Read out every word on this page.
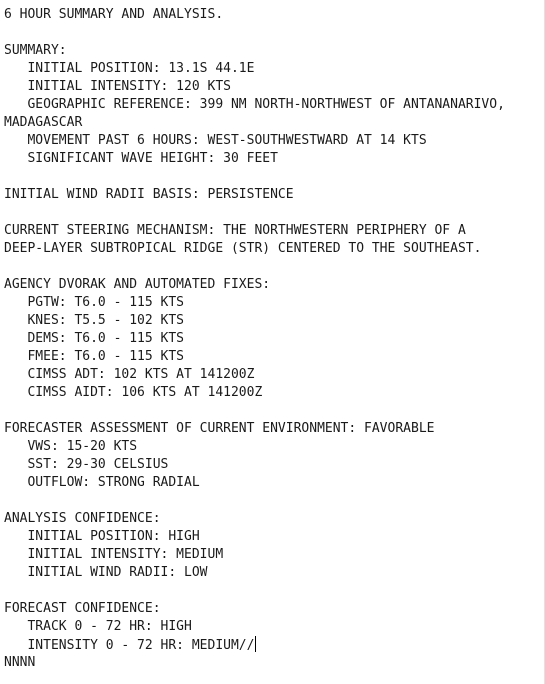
6 HOUR SUMMARY AND ANALYSIS.
SUMMARY:
INITIAL POSITION: 13.1S 44.1E
INITIAL INTENSITY: 120 KTS
GEOGRAPHIC REFERENCE: 399 NM NORTH-NORTHWEST OF ANTANANARIVO,
MADAGASCAR
MOVEMENT PAST 6 HOURS: WEST-SOUTHWESTWARD AT 14 KTS
SIGNIFICANT WAVE HEIGHT: 30 FEET
INITIAL WIND RADII BASIS: PERSISTENCE
CURRENT STEERING MECHANISM: THE NORTHWESTERN PERIPHERY OF A
DEEP-LAYER SUBTROPICAL RIDGE (STR) CENTERED TO THE SOUTHEAST.
AGENCY DVORAK AND AUTOMATED FIXES:
PGTW: T6.0 - 115 KTS
KNES: T5.5 - 102 KTS
DEMS: T6.0 - 115 KTS
FMEE: T6.0 - 115 KTS
CIMSS ADT: 102 KTS AT 141200Z
CIMSS AIDT: 106 KTS AT 141200Z
FORECASTER ASSESSMENT OF CURRENT ENVIRONMENT: FAVORABLE
VWS: 15-20 KTS
SST: 29-30 CELSIUS
OUTFLOW: STRONG RADIAL
ANALYSIS CONFIDENCE:
INITIAL POSITION: HIGH
INITIAL INTENSITY: MEDIUM
INITIAL WIND RADII: LOW
FORECAST CONFIDENCE:
TRACK 0 - 72 HR: HIGH
INTENSITY 0 - 72 HR: MEDIUM//
NNNN
